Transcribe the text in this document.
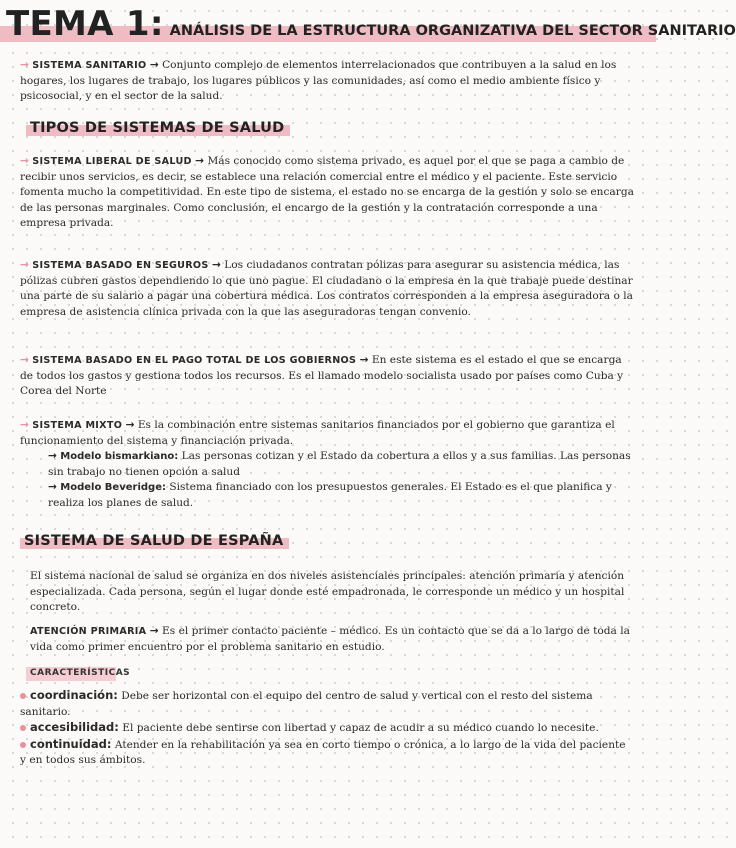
TEMA 1: ANÁLISIS DE LA ESTRUCTURA ORGANIZATIVA DEL SECTOR SANITARIO
→ SISTEMA SANITARIO → Conjunto complejo de elementos interrelacionados que contribuyen a la salud en los hogares, los lugares de trabajo, los lugares públicos y las comunidades, así como el medio ambiente físico y psicosocial, y en el sector de la salud.
TIPOS DE SISTEMAS DE SALUD
→ SISTEMA LIBERAL DE SALUD → Más conocido como sistema privado, es aquel por el que se paga a cambio de recibir unos servicios, es decir, se establece una relación comercial entre el médico y el paciente. Este servicio fomenta mucho la competitividad. En este tipo de sistema, el estado no se encarga de la gestión y solo se encarga de las personas marginales. Como conclusión, el encargo de la gestión y la contratación corresponde a una empresa privada.
→ SISTEMA BASADO EN SEGUROS → Los ciudadanos contratan pólizas para asegurar su asistencia médica, las pólizas cubren gastos dependiendo lo que uno pague. El ciudadano o la empresa en la que trabaje puede destinar una parte de su salario a pagar una cobertura médica. Los contratos corresponden a la empresa aseguradora o la empresa de asistencia clínica privada con la que las aseguradoras tengan convenio.
→ SISTEMA BASADO EN EL PAGO TOTAL DE LOS GOBIERNOS → En este sistema es el estado el que se encarga de todos los gastos y gestiona todos los recursos. Es el llamado modelo socialista usado por países como Cuba y Corea del Norte
→ SISTEMA MIXTO → Es la combinación entre sistemas sanitarios financiados por el gobierno que garantiza el funcionamiento del sistema y financiación privada.
→ Modelo bismarkiano: Las personas cotizan y el Estado da cobertura a ellos y a sus familias. Las personas sin trabajo no tienen opción a salud
→ Modelo Beveridge: Sistema financiado con los presupuestos generales. El Estado es el que planifica y realiza los planes de salud.
SISTEMA DE SALUD DE ESPAÑA
El sistema nacional de salud se organiza en dos niveles asistenciales principales: atención primaria y atención especializada. Cada persona, según el lugar donde esté empadronada, le corresponde un médico y un hospital concreto.
ATENCIÓN PRIMARIA → Es el primer contacto paciente – médico. Es un contacto que se da a lo largo de toda la vida como primer encuentro por el problema sanitario en estudio.
CARACTERÍSTICAS
coordinación: Debe ser horizontal con el equipo del centro de salud y vertical con el resto del sistema sanitario.
accesibilidad: El paciente debe sentirse con libertad y capaz de acudir a su médico cuando lo necesite.
continuidad: Atender en la rehabilitación ya sea en corto tiempo o crónica, a lo largo de la vida del paciente y en todos sus ámbitos.
